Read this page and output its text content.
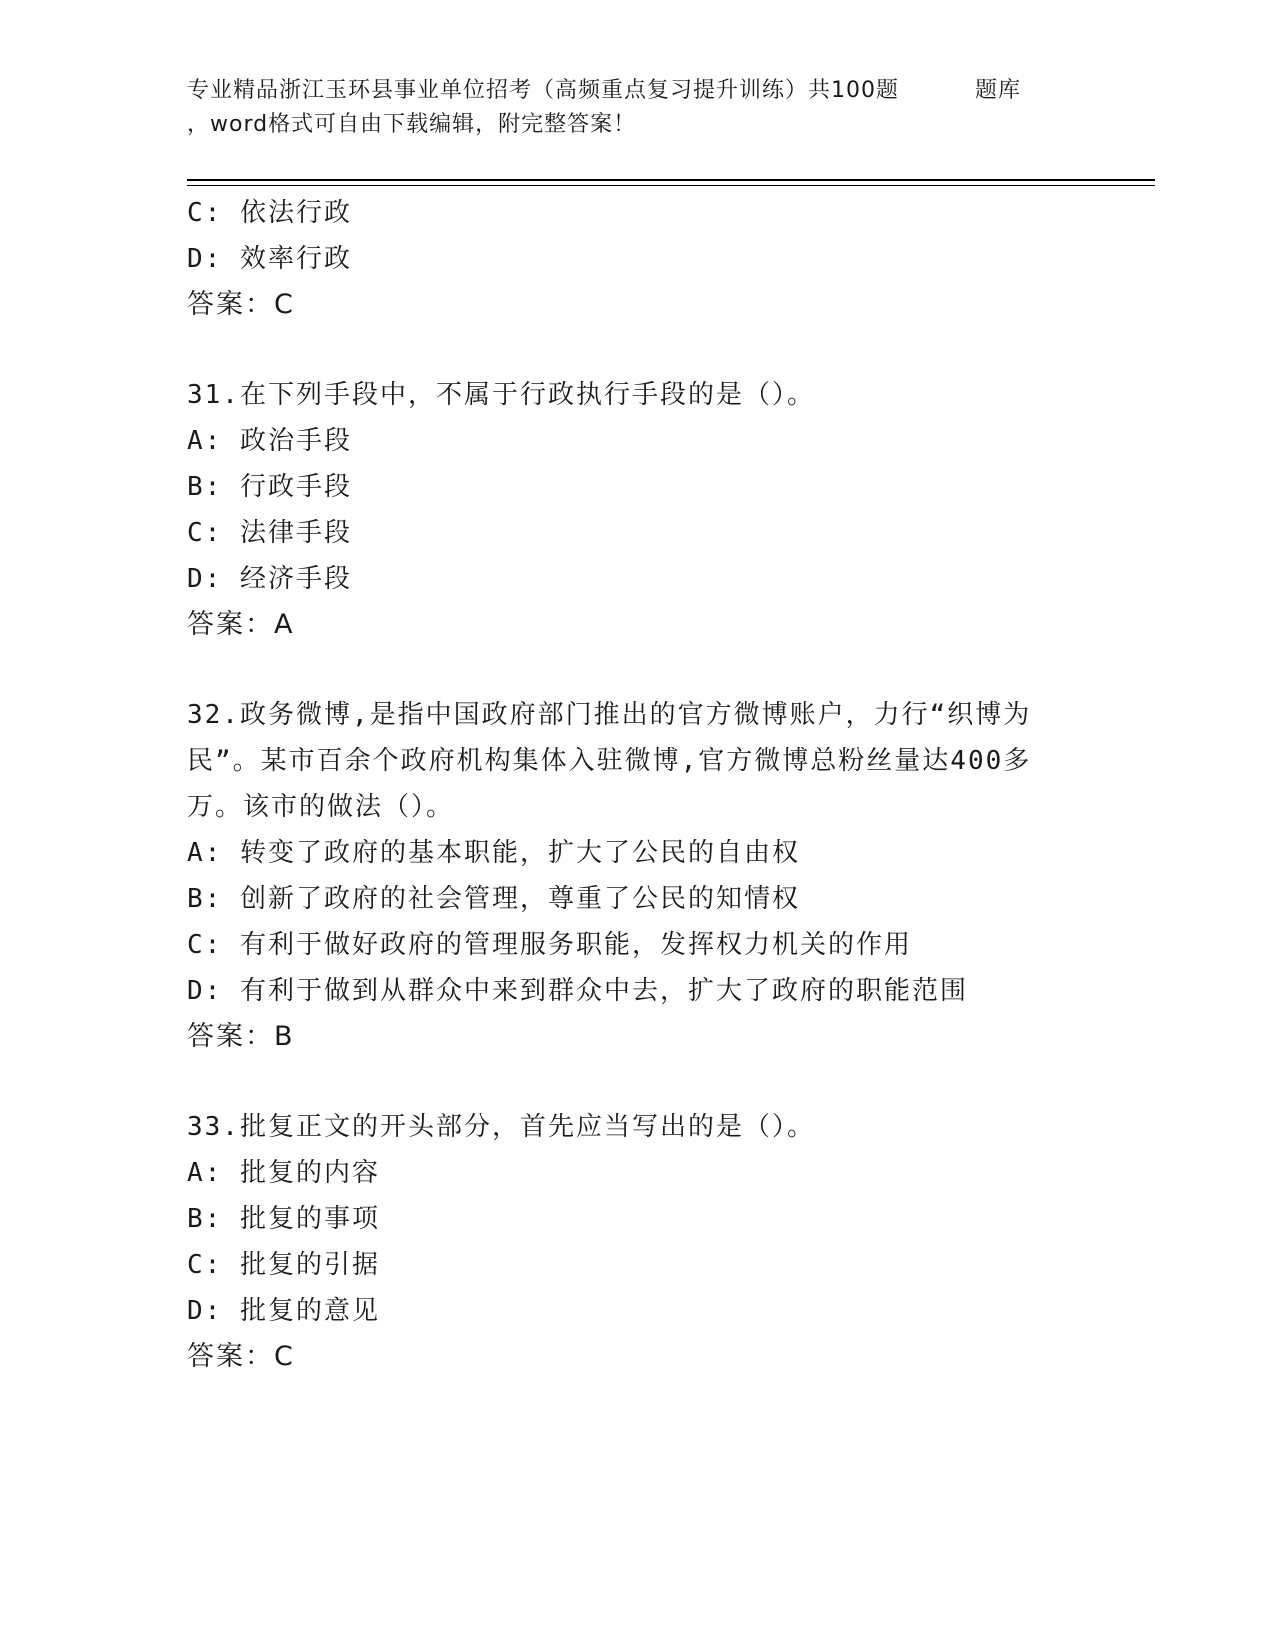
专业精品浙江玉环县事业单位招考（高频重点复习提升训练）共100题	题库
，word格式可自由下载编辑，附完整答案！
C: 依法行政
D: 效率行政
答案：C
31.在下列手段中，不属于行政执行手段的是（）。
A: 政治手段
B: 行政手段
C: 法律手段
D: 经济手段
答案：A
32.政务微博,是指中国政府部门推出的官方微博账户，力行“织博为
民”。某市百余个政府机构集体入驻微博,官方微博总粉丝量达400多
万。该市的做法（）。
A: 转变了政府的基本职能，扩大了公民的自由权
B: 创新了政府的社会管理，尊重了公民的知情权
C: 有利于做好政府的管理服务职能，发挥权力机关的作用
D: 有利于做到从群众中来到群众中去，扩大了政府的职能范围
答案：B
33.批复正文的开头部分，首先应当写出的是（）。
A: 批复的内容
B: 批复的事项
C: 批复的引据
D: 批复的意见
答案：C
